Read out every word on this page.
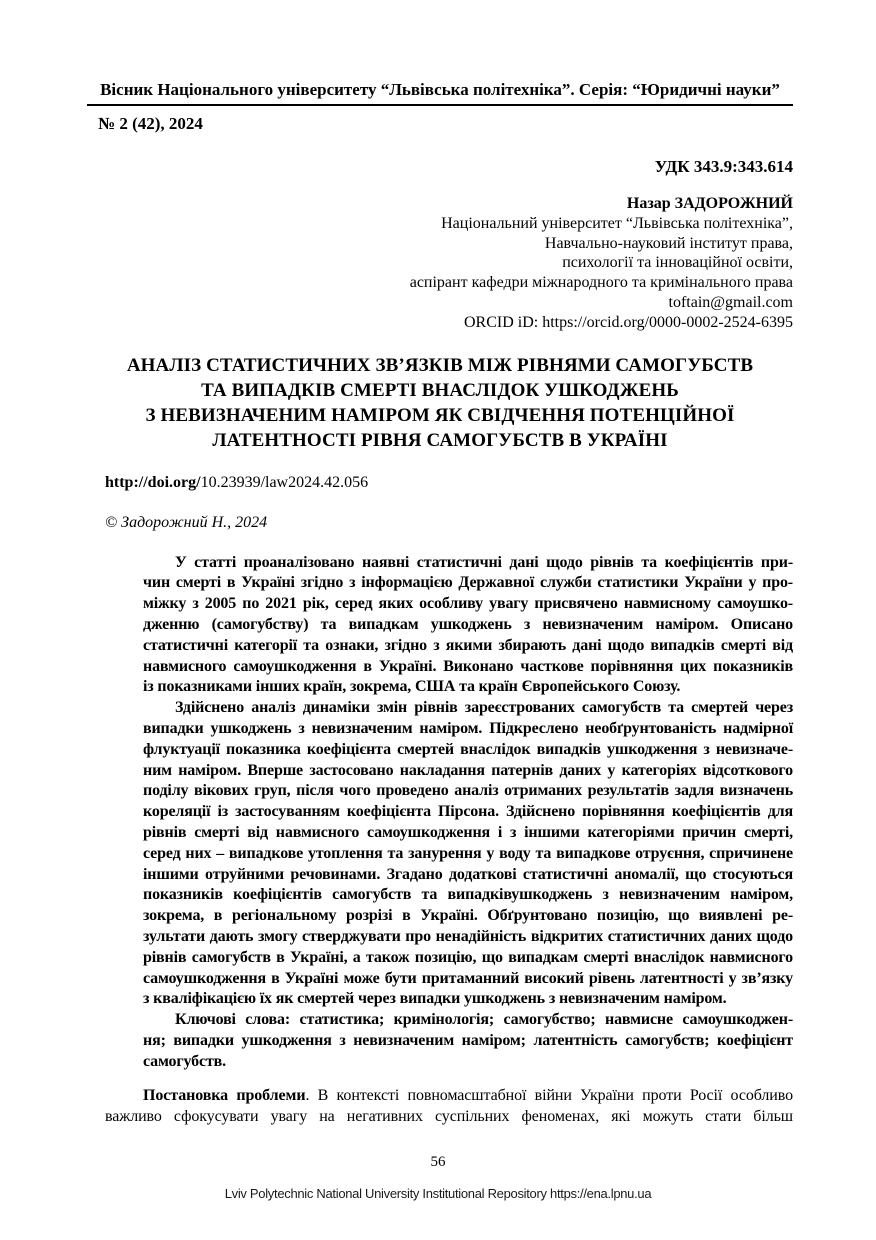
Вісник Національного університету “Львівська політехніка”. Серія: “Юридичні науки”
№ 2 (42), 2024
УДК 343.9:343.614
Назар ЗАДОРОЖНИЙ
Національний університет “Львівська політехніка”,
Навчально-науковий інститут права,
психології та інноваційної освіти,
аспірант кафедри міжнародного та кримінального права
toftain@gmail.com
ORCID iD: https://orcid.org/0000-0002-2524-6395
АНАЛІЗ СТАТИСТИЧНИХ ЗВ’ЯЗКІВ МІЖ РІВНЯМИ САМОГУБСТВ
ТА ВИПАДКІВ СМЕРТІ ВНАСЛІДОК УШКОДЖЕНЬ
З НЕВИЗНАЧЕНИМ НАМІРОМ ЯК СВІДЧЕННЯ ПОТЕНЦІЙНОЇ
ЛАТЕНТНОСТІ РІВНЯ САМОГУБСТВ В УКРАЇНІ
http://doi.org/10.23939/law2024.42.056
© Задорожний Н., 2024
У статті проаналізовано наявні статистичні дані щодо рівнів та коефіцієнтів при-
чин смерті в Україні згідно з інформацією Державної служби статистики України у про-
міжку з 2005 по 2021 рік, серед яких особливу увагу присвячено навмисному самоушко-
дженню (самогубству) та випадкам ушкоджень з невизначеним наміром. Описано
статистичні категорії та ознаки, згідно з якими збирають дані щодо випадків смерті від
навмисного самоушкодження в Україні. Виконано часткове порівняння цих показників
із показниками інших країн, зокрема, США та країн Європейського Союзу.
Здійснено аналіз динаміки змін рівнів зареєстрованих самогубств та смертей через
випадки ушкоджень з невизначеним наміром. Підкреслено необґрунтованість надмірної
флуктуації показника коефіцієнта смертей внаслідок випадків ушкодження з невизначе-
ним наміром. Вперше застосовано накладання патернів даних у категоріях відсоткового
поділу вікових груп, після чого проведено аналіз отриманих результатів задля визначень
кореляції із застосуванням коефіцієнта Пірсона. Здійснено порівняння коефіцієнтів для
рівнів смерті від навмисного самоушкодження і з іншими категоріями причин смерті,
серед них – випадкове утоплення та занурення у воду та випадкове отруєння, спричинене
іншими отруйними речовинами. Згадано додаткові статистичні аномалії, що стосуються
показників коефіцієнтів самогубств та випадківушкоджень з невизначеним наміром,
зокрема, в регіональному розрізі в Україні. Обґрунтовано позицію, що виявлені ре-
зультати дають змогу стверджувати про ненадійність відкритих статистичних даних щодо
рівнів самогубств в Україні, а також позицію, що випадкам смерті внаслідок навмисного
самоушкодження в Україні може бути притаманний високий рівень латентності у зв’язку
з кваліфікацією їх як смертей через випадки ушкоджень з невизначеним наміром.
Ключові слова: статистика; кримінологія; самогубство; навмисне самоушкоджен-
ня; випадки ушкодження з невизначеним наміром; латентність самогубств; коефіцієнт
самогубств.
Постановка проблеми. В контексті повномасштабної війни України проти Росії особливо
важливо сфокусувати увагу на негативних суспільних феноменах, які можуть стати більш
56
Lviv Polytechnic National University Institutional Repository https://ena.lpnu.ua
